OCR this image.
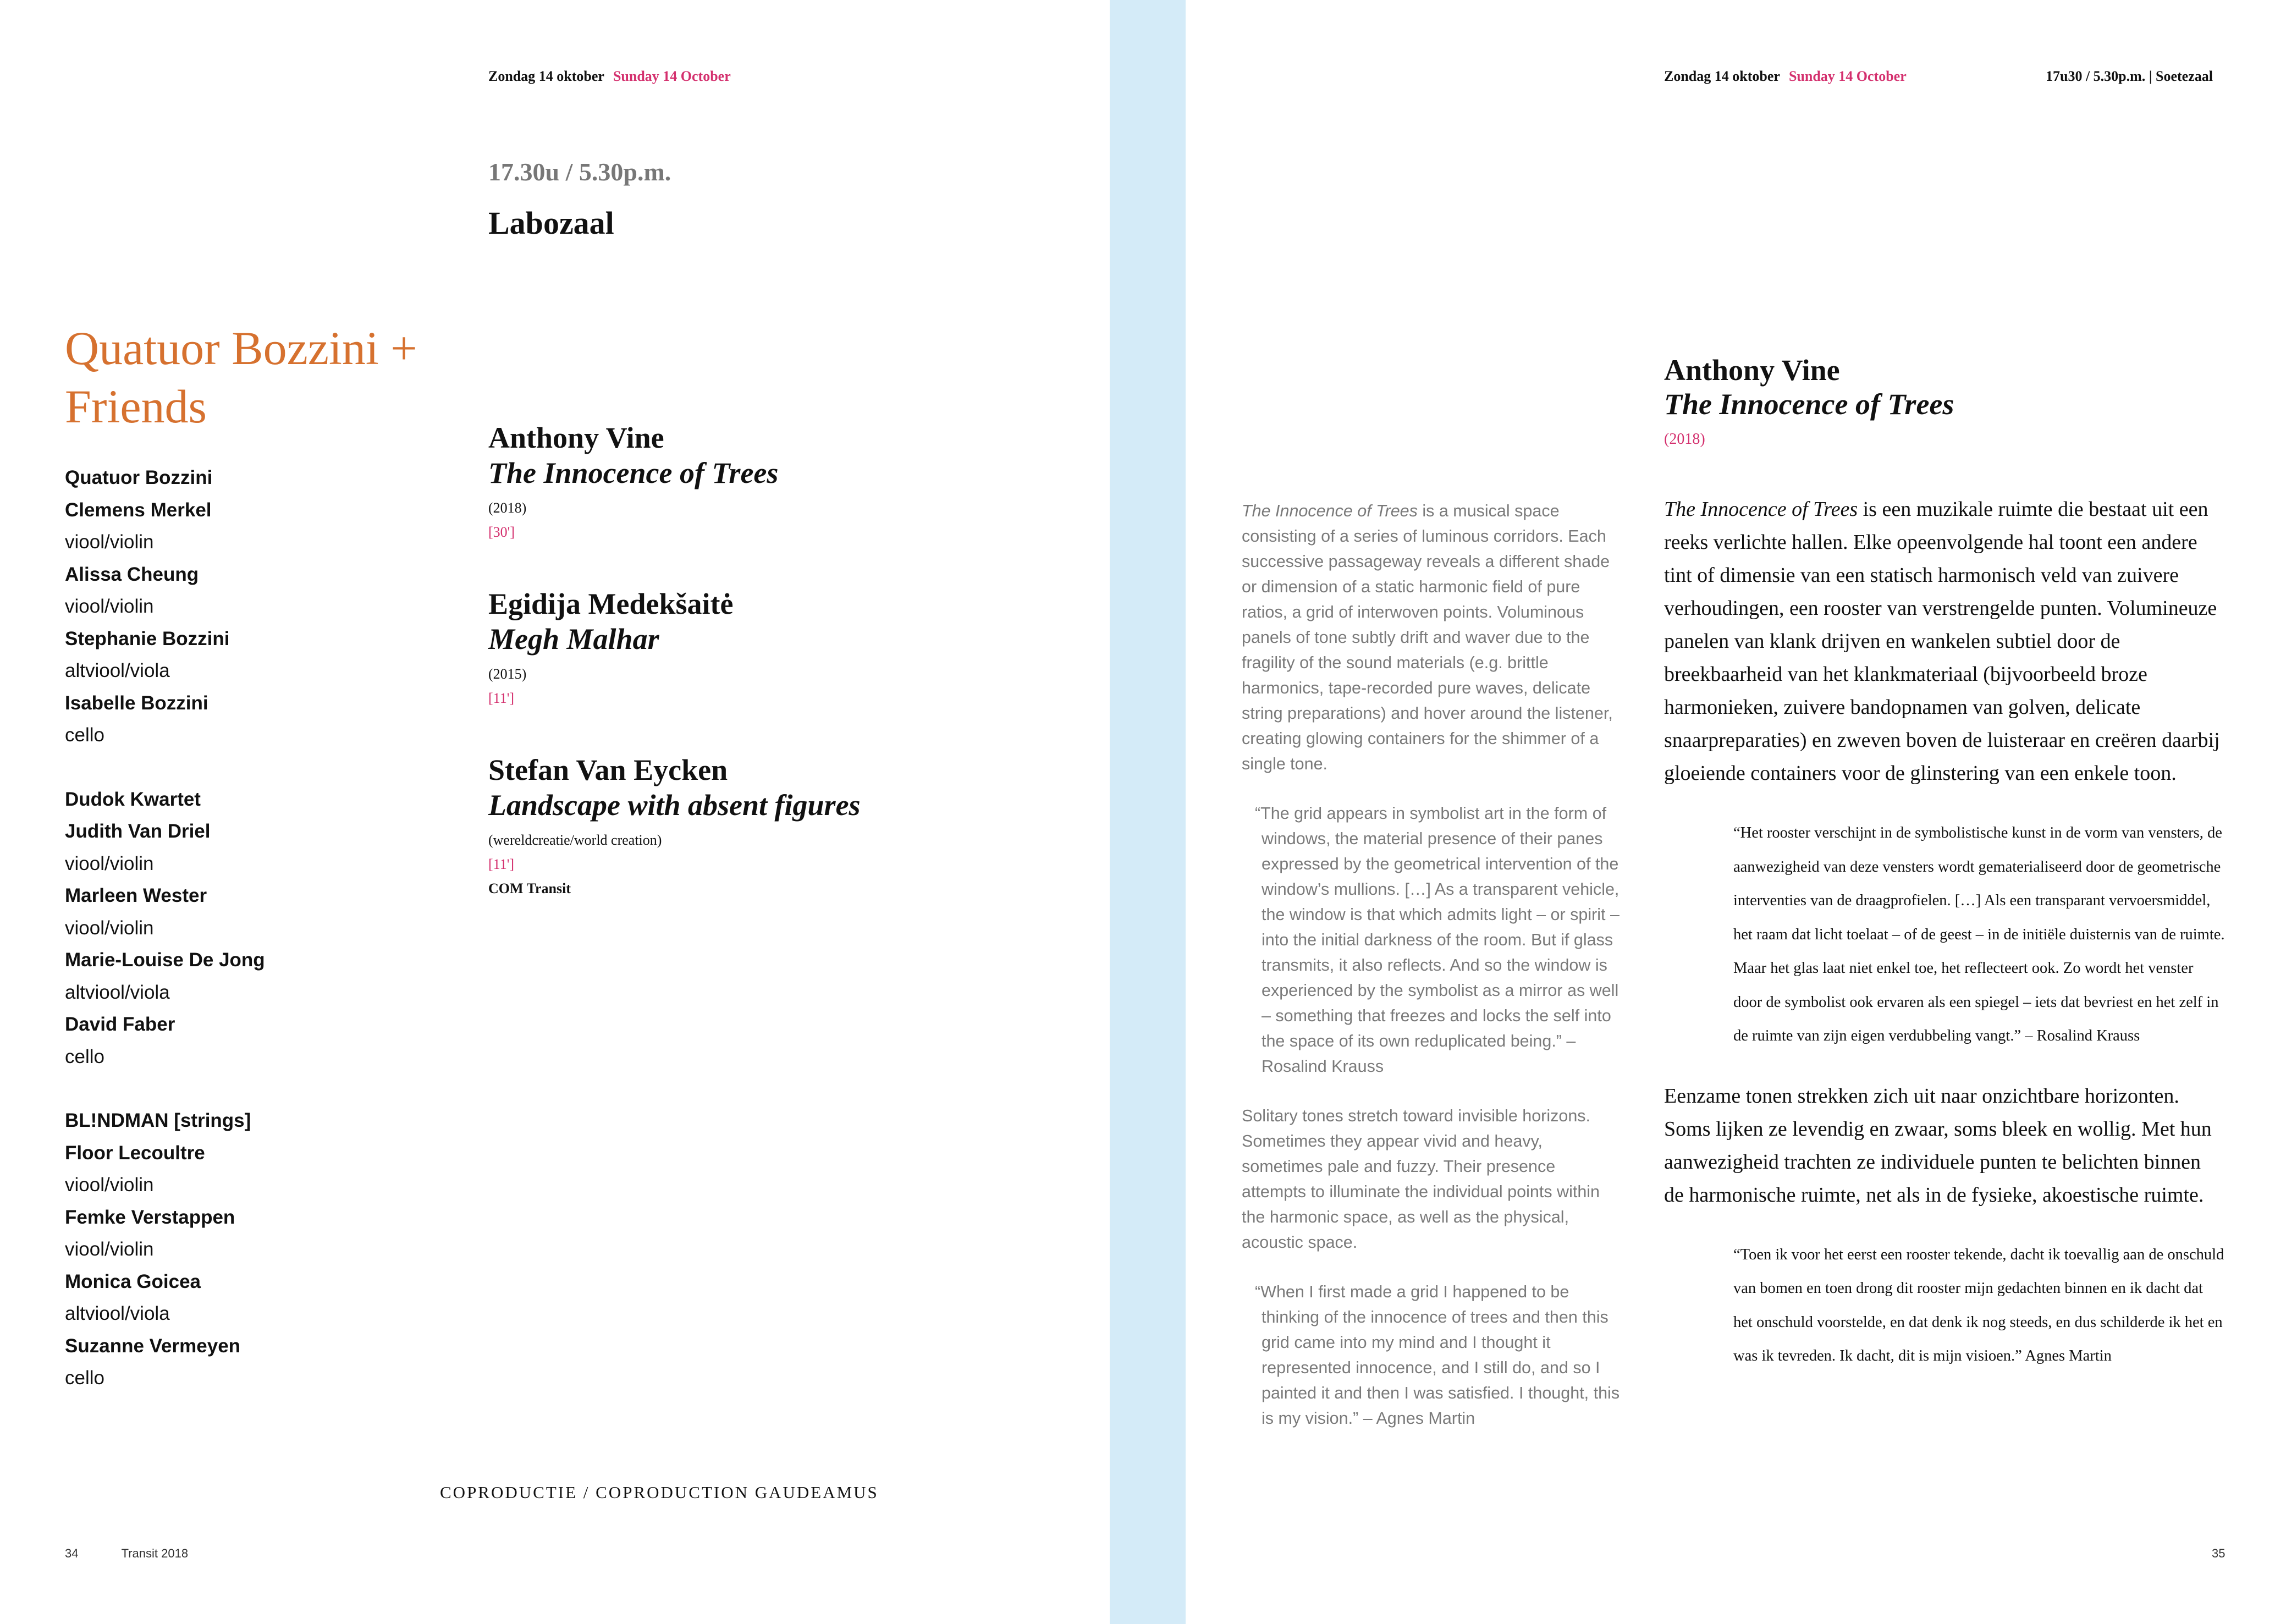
Zondag 14 oktober Sunday 14 October
17.30u / 5.30p.m.
Labozaal
Quatuor Bozzini + Friends
Quatuor Bozzini
Clemens Merkel
viool/violin
Alissa Cheung
viool/violin
Stephanie Bozzini
altviool/viola
Isabelle Bozzini
cello
Dudok Kwartet
Judith Van Driel
viool/violin
Marleen Wester
viool/violin
Marie-Louise De Jong
altviool/viola
David Faber
cello
BL!NDMAN [strings]
Floor Lecoultre
viool/violin
Femke Verstappen
viool/violin
Monica Goicea
altviool/viola
Suzanne Vermeyen
cello
Anthony Vine
The Innocence of Trees
(2018)
[30']
Egidija Medekšaitė
Megh Malhar
(2015)
[11']
Stefan Van Eycken
Landscape with absent figures
(wereldcreatie/world creation)
[11']
COM Transit
COPRODUCTIE / COPRODUCTION GAUDEAMUS
34	Transit 2018
Zondag 14 oktober Sunday 14 October	17u30 / 5.30p.m. | Soetezaal

The Innocence of Trees is a musical space consisting of a series of luminous corridors. Each successive passageway reveals a different shade or dimension of a static harmonic field of pure ratios, a grid of interwoven points. Voluminous panels of tone subtly drift and waver due to the fragility of the sound materials (e.g. brittle harmonics, tape-recorded pure waves, delicate string preparations) and hover around the listener, creating glowing containers for the shimmer of a single tone.

“The grid appears in symbolist art in the form of windows, the material presence of their panes expressed by the geometrical intervention of the window’s mullions. […] As a transparent vehicle, the window is that which admits light – or spirit – into the initial darkness of the room. But if glass transmits, it also reflects. And so the window is experienced by the symbolist as a mirror as well – something that freezes and locks the self into the space of its own reduplicated being.” – Rosalind Krauss

Solitary tones stretch toward invisible horizons. Sometimes they appear vivid and heavy, sometimes pale and fuzzy. Their presence attempts to illuminate the individual points within the harmonic space, as well as the physical, acoustic space.

“When I first made a grid I happened to be thinking of the innocence of trees and then this grid came into my mind and I thought it represented innocence, and I still do, and so I painted it and then I was satisfied. I thought, this is my vision.” – Agnes Martin

Anthony Vine
The Innocence of Trees
(2018)

The Innocence of Trees is een muzikale ruimte die bestaat uit een reeks verlichte hallen. Elke opeenvolgende hal toont een andere tint of dimensie van een statisch harmonisch veld van zuivere verhoudingen, een rooster van verstrengelde punten. Volumineuze panelen van klank drijven en wankelen subtiel door de breekbaarheid van het klankmateriaal (bijvoorbeeld broze harmonieken, zuivere bandopnamen van golven, delicate snaarpreparaties) en zweven boven de luisteraar en creëren daarbij gloeiende containers voor de glinstering van een enkele toon.

“Het rooster verschijnt in de symbolistische kunst in de vorm van vensters, de aanwezigheid van deze vensters wordt gematerialiseerd door de geometrische interventies van de draagprofielen. […] Als een transparant vervoersmiddel, het raam dat licht toelaat – of de geest – in de initiële duisternis van de ruimte. Maar het glas laat niet enkel toe, het reflecteert ook. Zo wordt het venster door de symbolist ook ervaren als een spiegel – iets dat bevriest en het zelf in de ruimte van zijn eigen verdubbeling vangt.” – Rosalind Krauss

Eenzame tonen strekken zich uit naar onzichtbare horizonten. Soms lijken ze levendig en zwaar, soms bleek en wollig. Met hun aanwezigheid trachten ze individuele punten te belichten binnen de harmonische ruimte, net als in de fysieke, akoestische ruimte.

“Toen ik voor het eerst een rooster tekende, dacht ik toevallig aan de onschuld van bomen en toen drong dit rooster mijn gedachten binnen en ik dacht dat het onschuld voorstelde, en dat denk ik nog steeds, en dus schilderde ik het en was ik tevreden. Ik dacht, dit is mijn visioen.” Agnes Martin

35
